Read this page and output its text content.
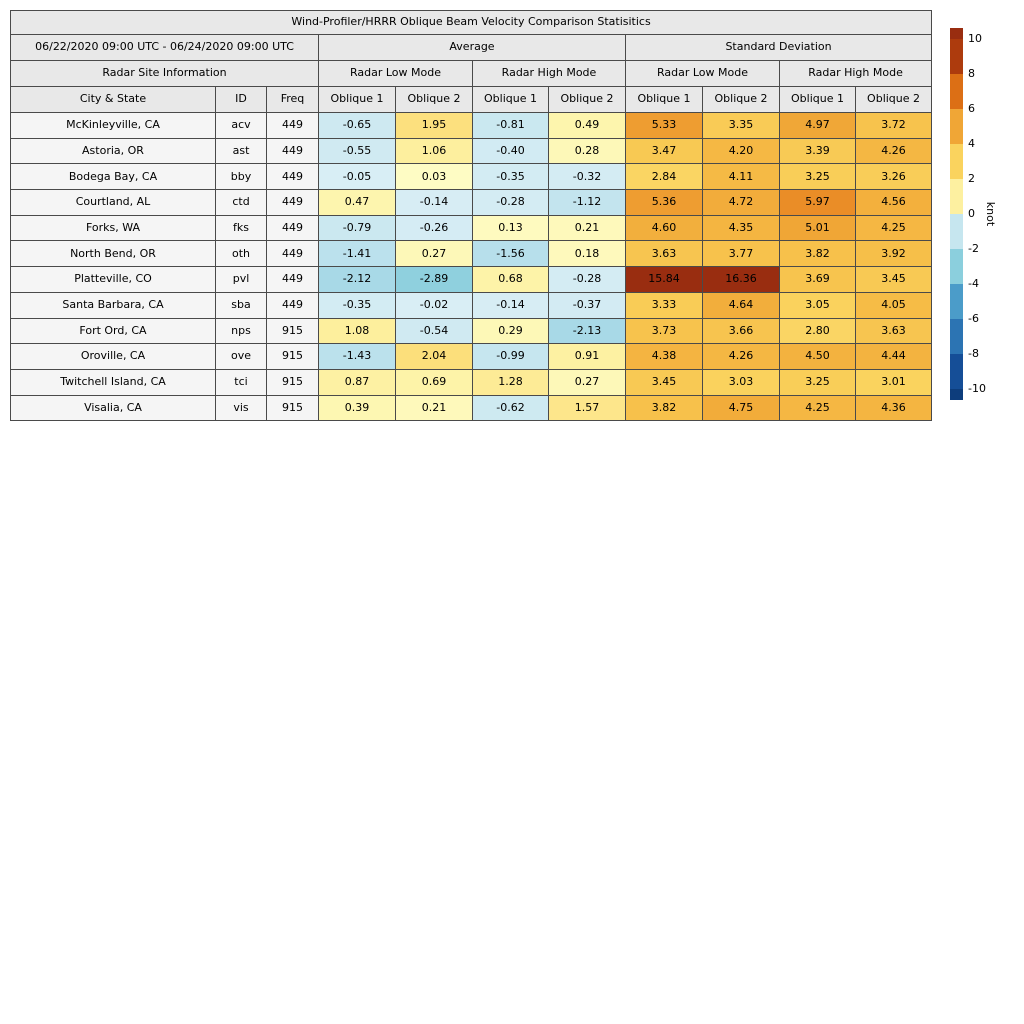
Wind-Profiler/HRRR Oblique Beam Velocity Comparison Statisitics										
06/22/2020 09:00 UTC - 06/24/2020 09:00 UTC			Average				Standard Deviation			
Radar Site Information			Radar Low Mode		Radar High Mode		Radar Low Mode		Radar High Mode	
City & State	ID	Freq	Oblique 1	Oblique 2	Oblique 1	Oblique 2	Oblique 1	Oblique 2	Oblique 1	Oblique 2
McKinleyville, CA	acv	449	-0.65	1.95	-0.81	0.49	5.33	3.35	4.97	3.72
Astoria, OR	ast	449	-0.55	1.06	-0.40	0.28	3.47	4.20	3.39	4.26
Bodega Bay, CA	bby	449	-0.05	0.03	-0.35	-0.32	2.84	4.11	3.25	3.26
Courtland, AL	ctd	449	0.47	-0.14	-0.28	-1.12	5.36	4.72	5.97	4.56
Forks, WA	fks	449	-0.79	-0.26	0.13	0.21	4.60	4.35	5.01	4.25
North Bend, OR	oth	449	-1.41	0.27	-1.56	0.18	3.63	3.77	3.82	3.92
Platteville, CO	pvl	449	-2.12	-2.89	0.68	-0.28	15.84	16.36	3.69	3.45
Santa Barbara, CA	sba	449	-0.35	-0.02	-0.14	-0.37	3.33	4.64	3.05	4.05
Fort Ord, CA	nps	915	1.08	-0.54	0.29	-2.13	3.73	3.66	2.80	3.63
Oroville, CA	ove	915	-1.43	2.04	-0.99	0.91	4.38	4.26	4.50	4.44
Twitchell Island, CA	tci	915	0.87	0.69	1.28	0.27	3.45	3.03	3.25	3.01
Visalia, CA	vis	915	0.39	0.21	-0.62	1.57	3.82	4.75	4.25	4.36
10
8
6
4
2
0
-2
-4
-6
-8
-10
knot
